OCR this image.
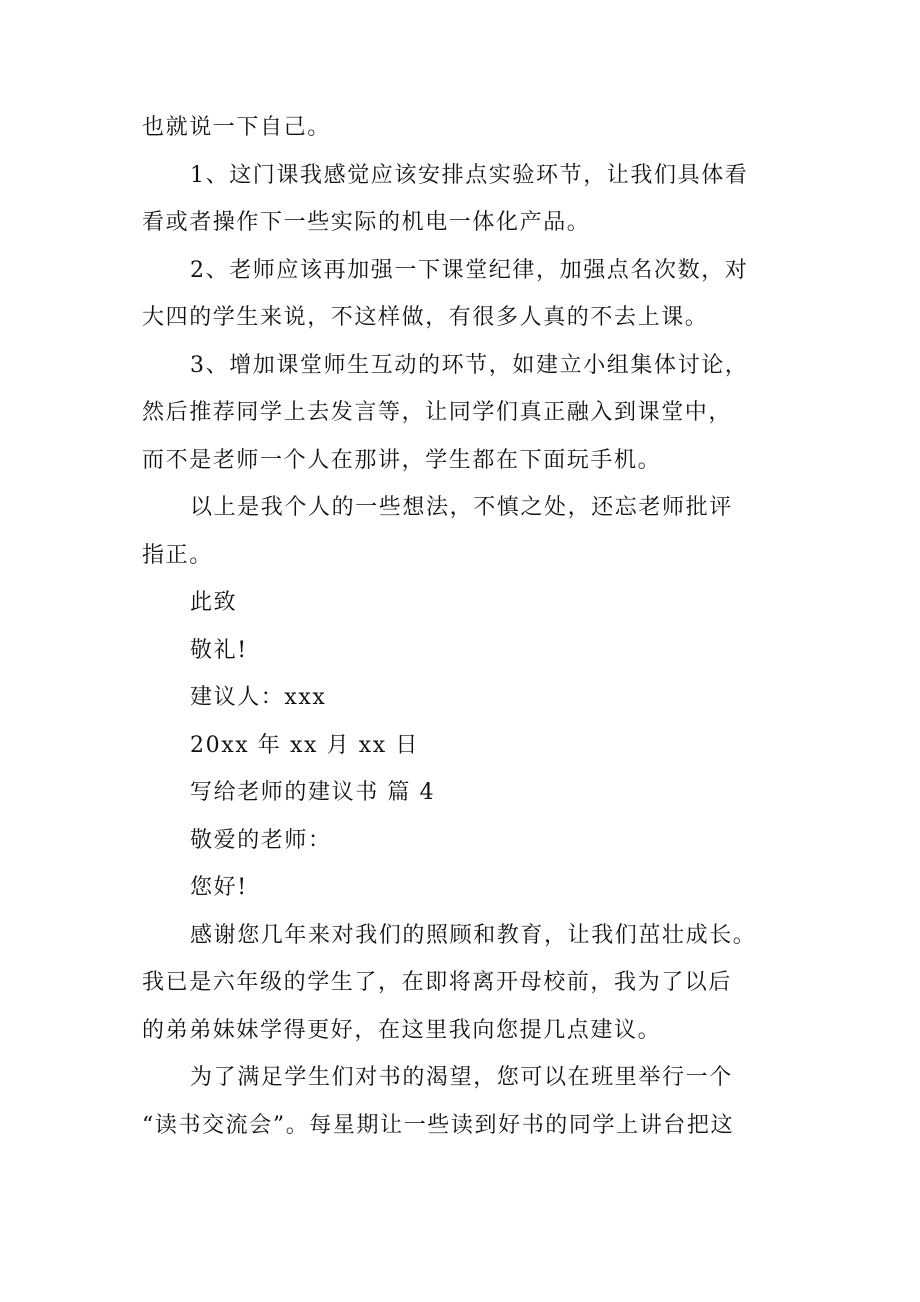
也就说一下自己。

1、这门课我感觉应该安排点实验环节，让我们具体看

看或者操作下一些实际的机电一体化产品。

2、老师应该再加强一下课堂纪律，加强点名次数，对

大四的学生来说，不这样做，有很多人真的不去上课。

3、增加课堂师生互动的环节，如建立小组集体讨论，

然后推荐同学上去发言等，让同学们真正融入到课堂中，

而不是老师一个人在那讲，学生都在下面玩手机。

以上是我个人的一些想法，不慎之处，还忘老师批评

指正。

此致

敬礼!

建议人：xxx

20xx 年 xx 月 xx 日

写给老师的建议书 篇 4

敬爱的老师：

您好!

感谢您几年来对我们的照顾和教育，让我们茁壮成长。

我已是六年级的学生了，在即将离开母校前，我为了以后

的弟弟妹妹学得更好，在这里我向您提几点建议。

为了满足学生们对书的渴望，您可以在班里举行一个

“读书交流会”。每星期让一些读到好书的同学上讲台把这
